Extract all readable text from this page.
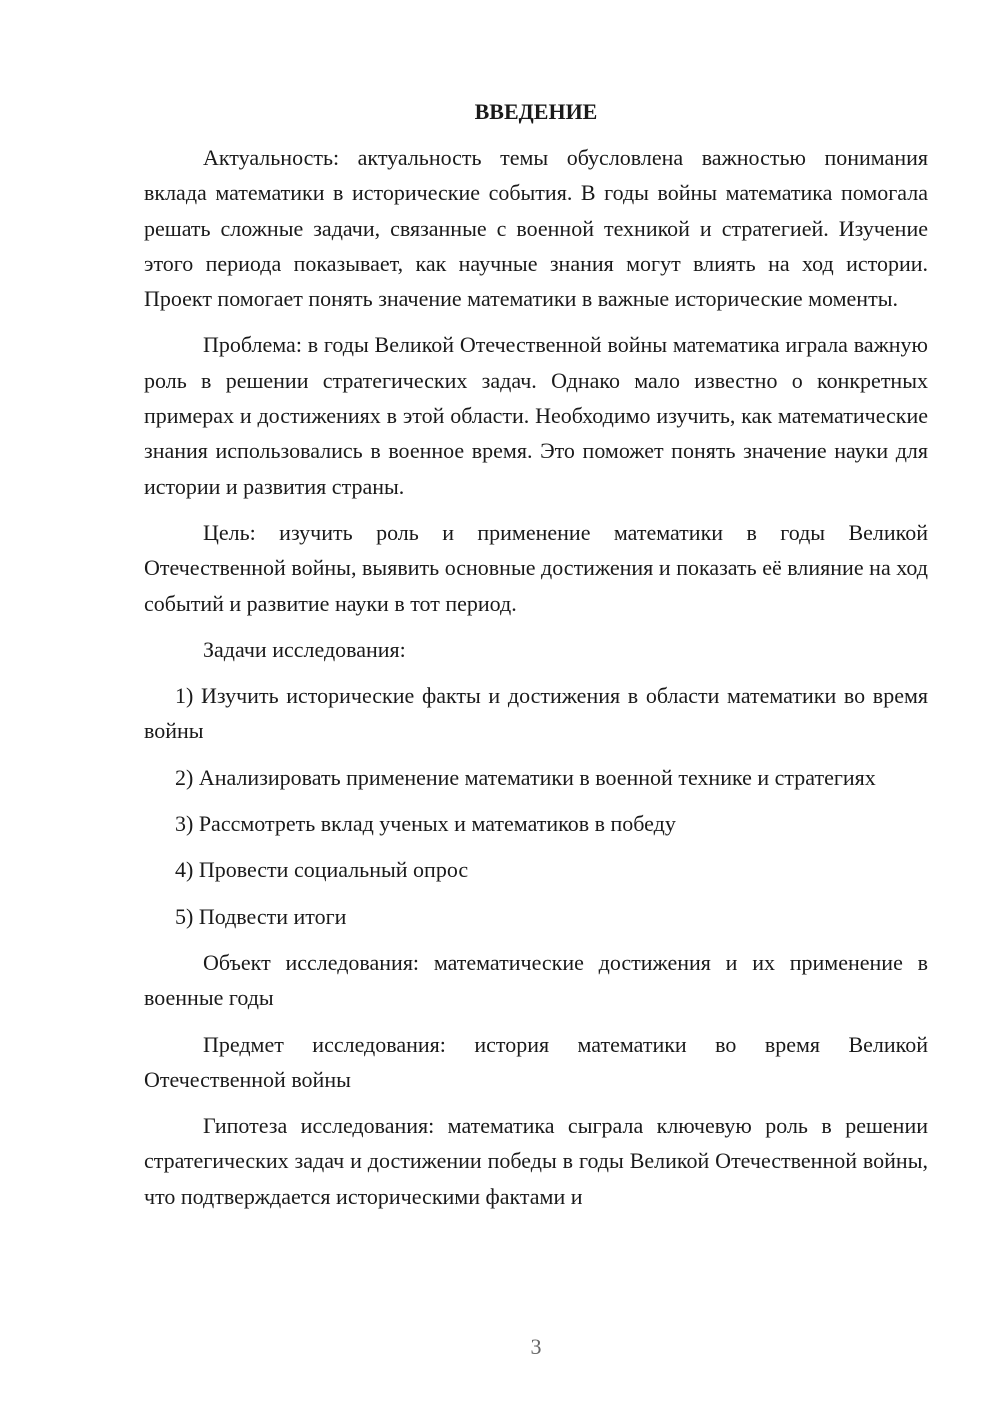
ВВЕДЕНИЕ

Актуальность: актуальность темы обусловлена важностью понимания вклада математики в исторические события. В годы войны математика помогала решать сложные задачи, связанные с военной техникой и стратегией. Изучение этого периода показывает, как научные знания могут влиять на ход истории. Проект помогает понять значение математики в важные исторические моменты.

Проблема: в годы Великой Отечественной войны математика играла важную роль в решении стратегических задач. Однако мало известно о конкретных примерах и достижениях в этой области. Необходимо изучить, как математические знания использовались в военное время. Это поможет понять значение науки для истории и развития страны.

Цель: изучить роль и применение математики в годы Великой Отечественной войны, выявить основные достижения и показать её влияние на ход событий и развитие науки в тот период.

Задачи исследования:

1) Изучить исторические факты и достижения в области математики во время войны

2) Анализировать применение математики в военной технике и стратегиях

3) Рассмотреть вклад ученых и математиков в победу

4) Провести социальный опрос

5) Подвести итоги

Объект исследования: математические достижения и их применение в военные годы

Предмет исследования: история математики во время Великой Отечественной войны

Гипотеза исследования: математика сыграла ключевую роль в решении стратегических задач и достижении победы в годы Великой Отечественной войны, что подтверждается историческими фактами и

3
